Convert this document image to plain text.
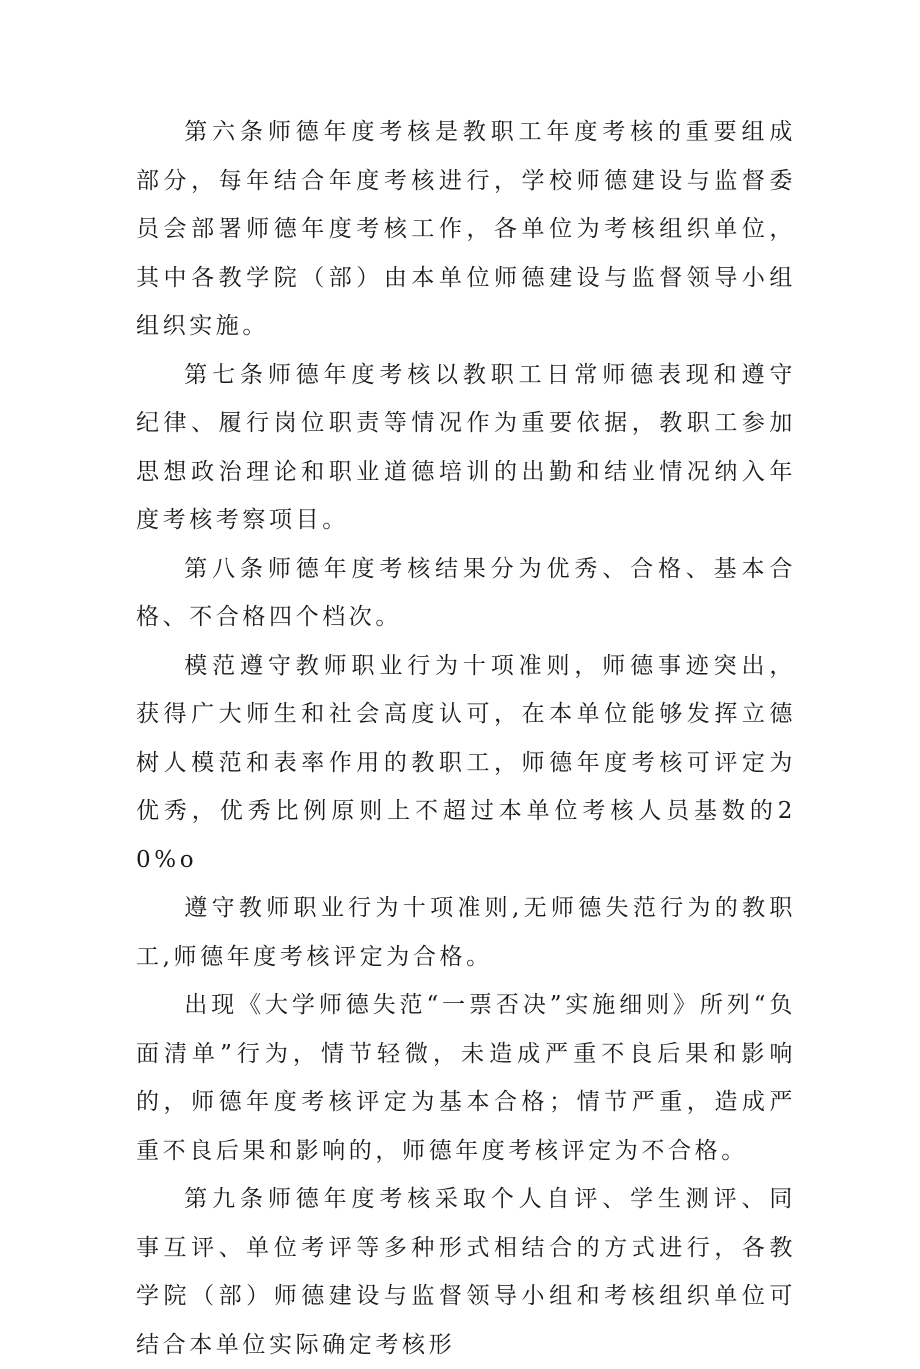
第六条师德年度考核是教职工年度考核的重要组成部分，每年结合年度考核进行，学校师德建设与监督委员会部署师德年度考核工作，各单位为考核组织单位，其中各教学院（部）由本单位师德建设与监督领导小组组织实施。

第七条师德年度考核以教职工日常师德表现和遵守纪律、履行岗位职责等情况作为重要依据，教职工参加思想政治理论和职业道德培训的出勤和结业情况纳入年度考核考察项目。

第八条师德年度考核结果分为优秀、合格、基本合格、不合格四个档次。

模范遵守教师职业行为十项准则，师德事迹突出，获得广大师生和社会高度认可，在本单位能够发挥立德树人模范和表率作用的教职工，师德年度考核可评定为优秀，优秀比例原则上不超过本单位考核人员基数的20%o

遵守教师职业行为十项准则,无师德失范行为的教职工,师德年度考核评定为合格。

出现《大学师德失范“一票否决”实施细则》所列“负面清单”行为，情节轻微，未造成严重不良后果和影响的，师德年度考核评定为基本合格；情节严重，造成严重不良后果和影响的，师德年度考核评定为不合格。

第九条师德年度考核采取个人自评、学生测评、同事互评、单位考评等多种形式相结合的方式进行，各教学院（部）师德建设与监督领导小组和考核组织单位可结合本单位实际确定考核形
